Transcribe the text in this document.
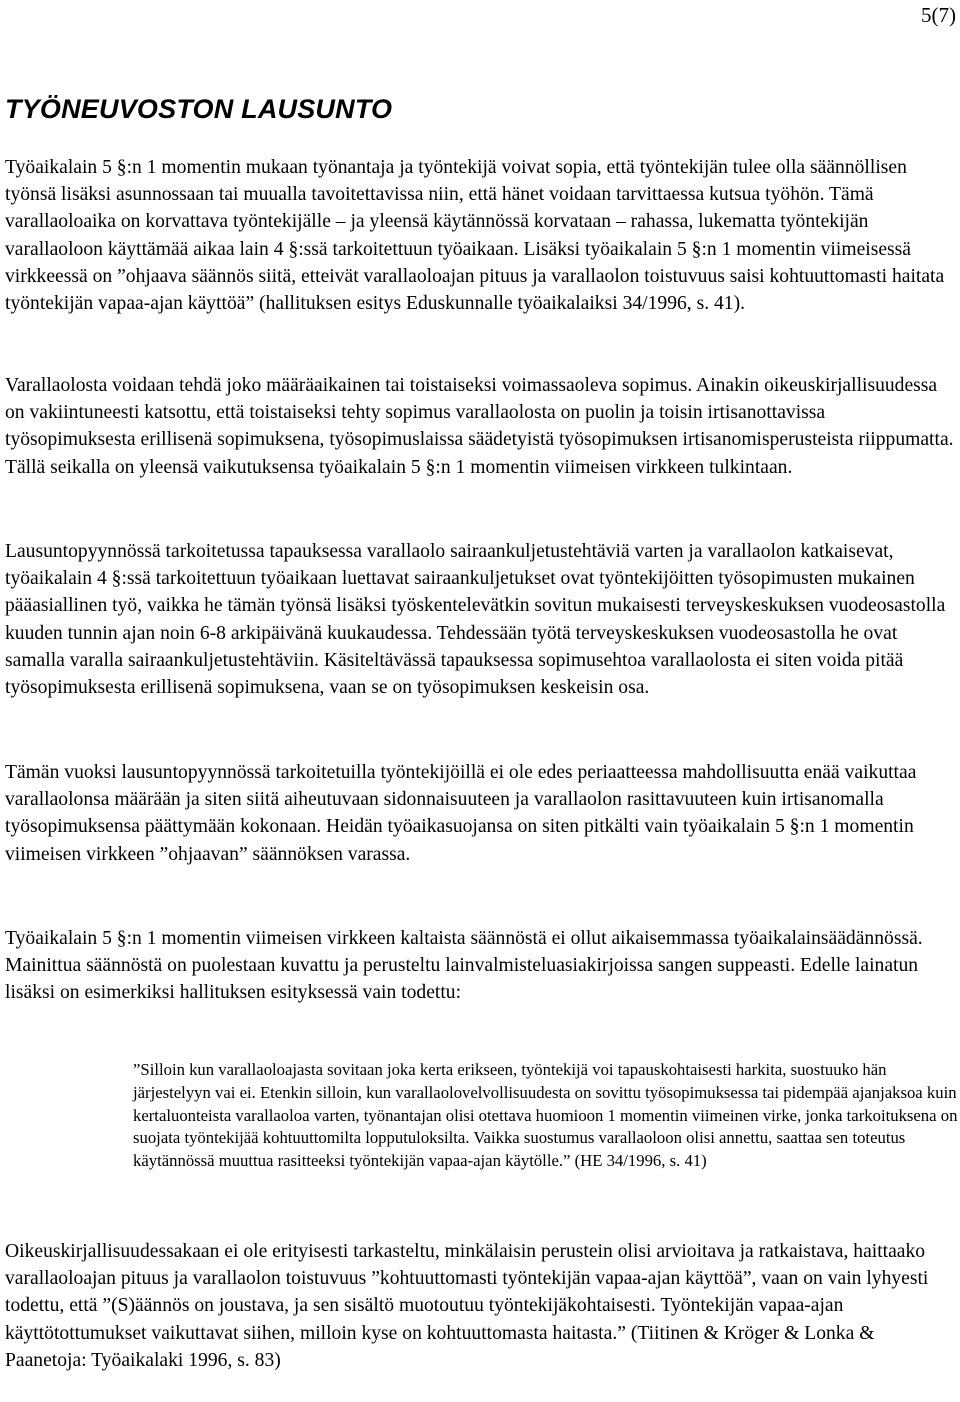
5(7)
TYÖNEUVOSTON LAUSUNTO

Työaikalain 5 §:n 1 momentin mukaan työnantaja ja työntekijä voivat sopia, että työntekijän tulee olla säännöllisen työnsä lisäksi asunnossaan tai muualla tavoitettavissa niin, että hänet voidaan tarvittaessa kutsua työhön. Tämä varallaoloaika on korvattava työntekijälle – ja yleensä käytännössä korvataan – rahassa, lukematta työntekijän varallaoloon käyttämää aikaa lain 4 §:ssä tarkoitettuun työaikaan. Lisäksi työaikalain 5 §:n 1 momentin viimeisessä virkkeessä on ”ohjaava säännös siitä, etteivät varallaoloajan pituus ja varallaolon toistuvuus saisi kohtuuttomasti haitata työntekijän vapaa-ajan käyttöä” (hallituksen esitys Eduskunnalle työaikalaiksi 34/1996, s. 41).

Varallaolosta voidaan tehdä joko määräaikainen tai toistaiseksi voimassaoleva sopimus. Ainakin oikeuskirjallisuudessa on vakiintuneesti katsottu, että toistaiseksi tehty sopimus varallaolosta on puolin ja toisin irtisanottavissa työsopimuksesta erillisenä sopimuksena, työsopimuslaissa säädetyistä työsopimuksen irtisanomisperusteista riippumatta. Tällä seikalla on yleensä vaikutuksensa työaikalain 5 §:n 1 momentin viimeisen virkkeen tulkintaan.

Lausuntopyynnössä tarkoitetussa tapauksessa varallaolo sairaankuljetustehtäviä varten ja varallaolon katkaisevat, työaikalain 4 §:ssä tarkoitettuun työaikaan luettavat sairaankuljetukset ovat työntekijöitten työsopimusten mukainen pääasiallinen työ, vaikka he tämän työnsä lisäksi työskentelevätkin sovitun mukaisesti terveyskeskuksen vuodeosastolla kuuden tunnin ajan noin 6-8 arkipäivänä kuukaudessa. Tehdessään työtä terveyskeskuksen vuodeosastolla he ovat samalla varalla sairaankuljetustehtäviin. Käsiteltävässä tapauksessa sopimusehtoa varallaolosta ei siten voida pitää työsopimuksesta erillisenä sopimuksena, vaan se on työsopimuksen keskeisin osa.

Tämän vuoksi lausuntopyynnössä tarkoitetuilla työntekijöillä ei ole edes periaatteessa mahdollisuutta enää vaikuttaa varallaolonsa määrään ja siten siitä aiheutuvaan sidonnaisuuteen ja varallaolon rasittavuuteen kuin irtisanomalla työsopimuksensa päättymään kokonaan. Heidän työaikasuojansa on siten pitkälti vain työaikalain 5 §:n 1 momentin viimeisen virkkeen ”ohjaavan” säännöksen varassa.

Työaikalain 5 §:n 1 momentin viimeisen virkkeen kaltaista säännöstä ei ollut aikaisemmassa työaikalainsäädännössä. Mainittua säännöstä on puolestaan kuvattu ja perusteltu lainvalmisteluasiakirjoissa sangen suppeasti. Edelle lainatun lisäksi on esimerkiksi hallituksen esityksessä vain todettu:

”Silloin kun varallaoloajasta sovitaan joka kerta erikseen, työntekijä voi tapauskohtaisesti harkita, suostuuko hän järjestelyyn vai ei. Etenkin silloin, kun varallaolovelvollisuudesta on sovittu työsopimuksessa tai pidempää ajanjaksoa kuin kertaluonteista varallaoloa varten, työnantajan olisi otettava huomioon 1 momentin viimeinen virke, jonka tarkoituksena on suojata työntekijää kohtuuttomilta lopputuloksilta. Vaikka suostumus varallaoloon olisi annettu, saattaa sen toteutus käytännössä muuttua rasitteeksi työntekijän vapaa-ajan käytölle.” (HE 34/1996, s. 41)

Oikeuskirjallisuudessakaan ei ole erityisesti tarkasteltu, minkälaisin perustein olisi arvioitava ja ratkaistava, haittaako varallaoloajan pituus ja varallaolon toistuvuus ”kohtuuttomasti työntekijän vapaa-ajan käyttöä”, vaan on vain lyhyesti todettu, että ”(S)äännös on joustava, ja sen sisältö muotoutuu työntekijäkohtaisesti. Työntekijän vapaa-ajan käyttötottumukset vaikuttavat siihen, milloin kyse on kohtuuttomasta haitasta.” (Tiitinen & Kröger & Lonka & Paanetoja: Työaikalaki 1996, s. 83)
